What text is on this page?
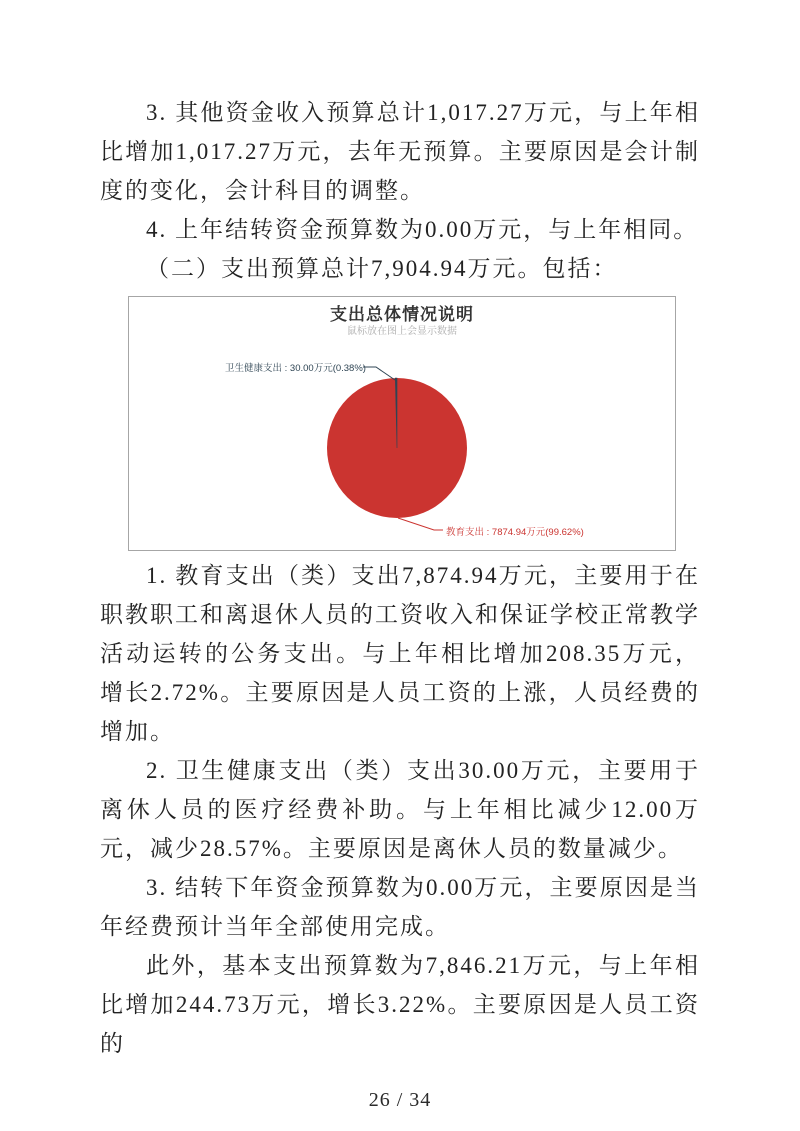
3. 其他资金收入预算总计1,017.27万元，与上年相比增加1,017.27万元，去年无预算。主要原因是会计制度的变化，会计科目的调整。

4. 上年结转资金预算数为0.00万元，与上年相同。

（二）支出预算总计7,904.94万元。包括：

支出总体情况说明
鼠标放在图上会显示数据
卫生健康支出 : 30.00万元(0.38%)
教育支出 : 7874.94万元(99.62%)

1. 教育支出（类）支出7,874.94万元，主要用于在职教职工和离退休人员的工资收入和保证学校正常教学活动运转的公务支出。与上年相比增加208.35万元，增长2.72%。主要原因是人员工资的上涨，人员经费的增加。

2. 卫生健康支出（类）支出30.00万元，主要用于离休人员的医疗经费补助。与上年相比减少12.00万元，减少28.57%。主要原因是离休人员的数量减少。

3. 结转下年资金预算数为0.00万元，主要原因是当年经费预计当年全部使用完成。

此外，基本支出预算数为7,846.21万元，与上年相比增加244.73万元，增长3.22%。主要原因是人员工资的

26 / 34
